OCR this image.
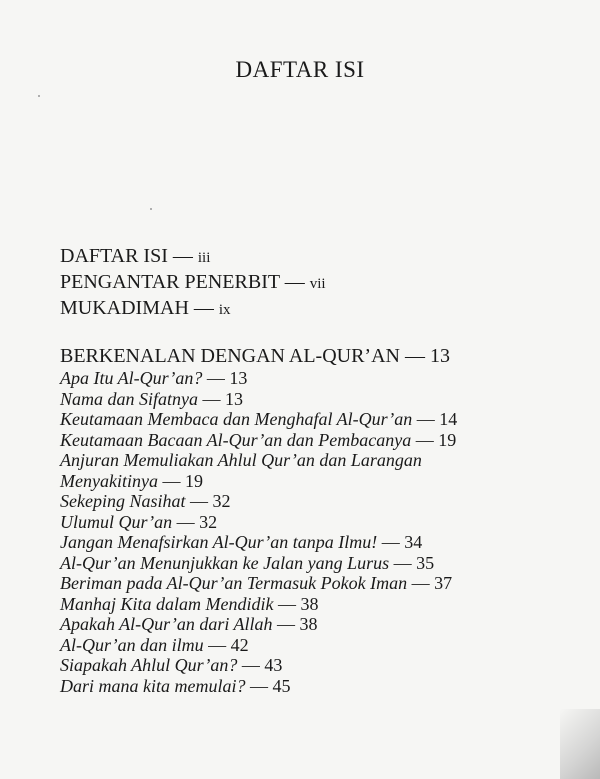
DAFTAR ISI
DAFTAR ISI — iii
PENGANTAR PENERBIT — vii
MUKADIMAH — ix
BERKENALAN DENGAN AL-QUR’AN — 13
Apa Itu Al-Qur’an? — 13
Nama dan Sifatnya — 13
Keutamaan Membaca dan Menghafal Al-Qur’an — 14
Keutamaan Bacaan Al-Qur’an dan Pembacanya — 19
Anjuran Memuliakan Ahlul Qur’an dan Larangan Menyakitinya — 19
Sekeping Nasihat — 32
Ulumul Qur’an — 32
Jangan Menafsirkan Al-Qur’an tanpa Ilmu! — 34
Al-Qur’an Menunjukkan ke Jalan yang Lurus — 35
Beriman pada Al-Qur’an Termasuk Pokok Iman — 37
Manhaj Kita dalam Mendidik — 38
Apakah Al-Qur’an dari Allah — 38
Al-Qur’an dan ilmu — 42
Siapakah Ahlul Qur’an? — 43
Dari mana kita memulai? — 45
